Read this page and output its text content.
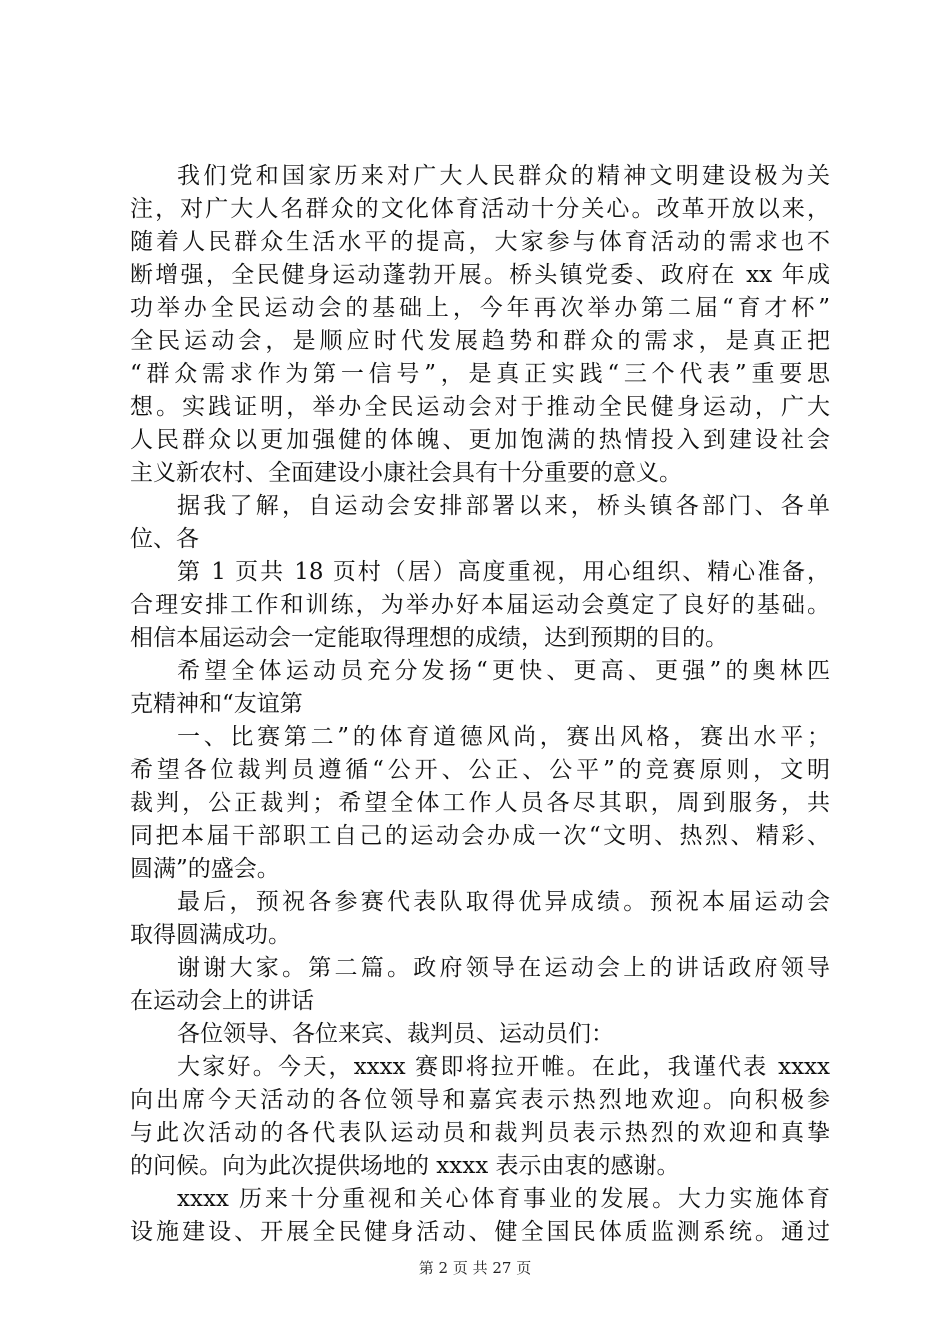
我们党和国家历来对广大人民群众的精神文明建设极为关
注，对广大人名群众的文化体育活动十分关心。改革开放以来，
随着人民群众生活水平的提高，大家参与体育活动的需求也不
断增强，全民健身运动蓬勃开展。桥头镇党委、政府在 xx 年成
功举办全民运动会的基础上，今年再次举办第二届“育才杯”
全民运动会，是顺应时代发展趋势和群众的需求，是真正把
“群众需求作为第一信号”，是真正实践“三个代表”重要思
想。实践证明，举办全民运动会对于推动全民健身运动，广大
人民群众以更加强健的体魄、更加饱满的热情投入到建设社会
主义新农村、全面建设小康社会具有十分重要的意义。
据我了解，自运动会安排部署以来，桥头镇各部门、各单
位、各
第 1 页共 18 页村（居）高度重视，用心组织、精心准备，
合理安排工作和训练，为举办好本届运动会奠定了良好的基础。
相信本届运动会一定能取得理想的成绩，达到预期的目的。
希望全体运动员充分发扬“更快、更高、更强”的奥林匹
克精神和“友谊第
一、比赛第二”的体育道德风尚，赛出风格，赛出水平；
希望各位裁判员遵循“公开、公正、公平”的竞赛原则，文明
裁判，公正裁判；希望全体工作人员各尽其职，周到服务，共
同把本届干部职工自己的运动会办成一次“文明、热烈、精彩、
圆满”的盛会。
最后，预祝各参赛代表队取得优异成绩。预祝本届运动会
取得圆满成功。
谢谢大家。第二篇。政府领导在运动会上的讲话政府领导
在运动会上的讲话
各位领导、各位来宾、裁判员、运动员们：
大家好。今天，xxxx 赛即将拉开帷。在此，我谨代表 xxxx
向出席今天活动的各位领导和嘉宾表示热烈地欢迎。向积极参
与此次活动的各代表队运动员和裁判员表示热烈的欢迎和真挚
的问候。向为此次提供场地的 xxxx 表示由衷的感谢。
xxxx 历来十分重视和关心体育事业的发展。大力实施体育
设施建设、开展全民健身活动、健全国民体质监测系统。通过
第 2 页 共 27 页
